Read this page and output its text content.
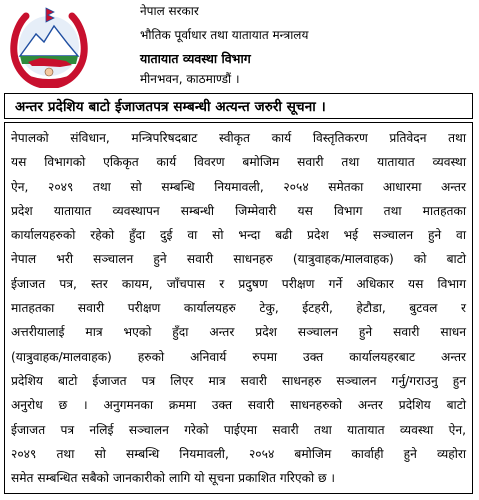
नेपाल सरकार
भौतिक पूर्वाधार तथा यातायात मन्त्रालय
यातायात व्यवस्था विभाग
मीनभवन, काठमाण्डौं ।
अन्तर प्रदेशिय बाटो ईजाजतपत्र सम्बन्धी अत्यन्त जरुरी सूचना ।
नेपालको संविधान, मन्त्रिपरिषदबाट स्वीकृत कार्य विस्तृतिकरण प्रतिवेदन तथा
यस विभागको एकिकृत कार्य विवरण बमोजिम सवारी तथा यातायात व्यवस्था
ऐन, २०४९ तथा सो सम्बन्धि नियमावली, २०५४ समेतका आधारमा अन्तर
प्रदेश यातायात व्यवस्थापन सम्बन्धी जिम्मेवारी यस विभाग तथा मातहतका
कार्यालयहरुको रहेको हुँदा दुई वा सो भन्दा बढी प्रदेश भई सञ्चालन हुने वा
नेपाल भरी सञ्चालन हुने सवारी साधनहरु (यात्रुवाहक/मालवाहक) को बाटो
ईजाजत पत्र, स्तर कायम, जाँचपास र प्रदुषण परीक्षण गर्ने अधिकार यस विभाग
मातहतका सवारी परीक्षण कार्यालयहरु टेकु, ईटहरी, हेटौडा, बुटवल र
अत्तरीयालाई मात्र भएको हुँदा अन्तर प्रदेश सञ्चालन हुने सवारी साधन
(यात्रुवाहक/मालवाहक) हरुको अनिवार्य रुपमा उक्त कार्यालयहरबाट अन्तर
प्रदेशिय बाटो ईजाजत पत्र लिएर मात्र सवारी साधनहरु सञ्चालन गर्नु/गराउनु हुन
अनुरोध छ । अनुगमनका क्रममा उक्त सवारी साधनहरुको अन्तर प्रदेशिय बाटो
ईजाजत पत्र नलिई सञ्चालन गरेको पाईएमा सवारी तथा यातायात व्यवस्था ऐन,
२०४९ तथा सो सम्बन्धि नियमावली, २०५४ बमोजिम कार्वाही हुने व्यहोरा
समेत सम्बन्धित सबैको जानकारीको लागि यो सूचना प्रकाशित गरिएको छ ।
